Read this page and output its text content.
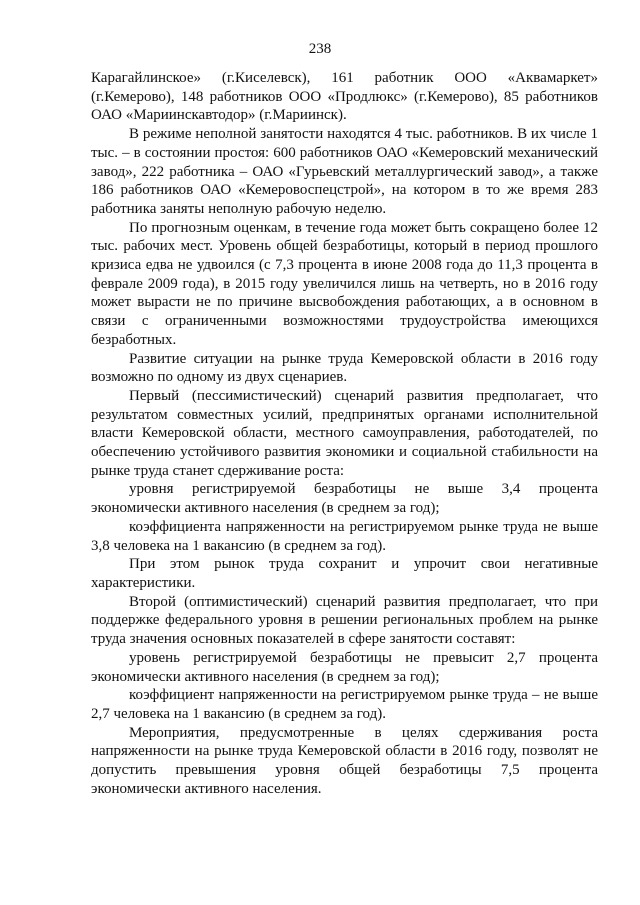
238

Карагайлинское» (г.Киселевск), 161 работник ООО «Аквамаркет» (г.Кемерово), 148 работников ООО «Продлюкс» (г.Кемерово), 85 работников ОАО «Мариинскавтодор» (г.Мариинск).

В режиме неполной занятости находятся 4 тыс. работников. В их числе 1 тыс. – в состоянии простоя: 600 работников ОАО «Кемеровский механический завод», 222 работника – ОАО «Гурьевский металлургический завод», а также 186 работников ОАО «Кемеровоспецстрой», на котором в то же время 283 работника заняты неполную рабочую неделю.

По прогнозным оценкам, в течение года может быть сокращено более 12 тыс. рабочих мест. Уровень общей безработицы, который в период прошлого кризиса едва не удвоился (с 7,3 процента в июне 2008 года до 11,3 процента в феврале 2009 года), в 2015 году увеличился лишь на четверть, но в 2016 году может вырасти не по причине высвобождения работающих, а в основном в связи с ограниченными возможностями трудоустройства имеющихся безработных.

Развитие ситуации на рынке труда Кемеровской области в 2016 году возможно по одному из двух сценариев.

Первый (пессимистический) сценарий развития предполагает, что результатом совместных усилий, предпринятых органами исполнительной власти Кемеровской области, местного самоуправления, работодателей, по обеспечению устойчивого развития экономики и социальной стабильности на рынке труда станет сдерживание роста:

уровня регистрируемой безработицы не выше 3,4 процента экономически активного населения (в среднем за год);

коэффициента напряженности на регистрируемом рынке труда не выше 3,8 человека на 1 вакансию (в среднем за год).

При этом рынок труда сохранит и упрочит свои негативные характеристики.

Второй (оптимистический) сценарий развития предполагает, что при поддержке федерального уровня в решении региональных проблем на рынке труда значения основных показателей в сфере занятости составят:

уровень регистрируемой безработицы не превысит 2,7 процента экономически активного населения (в среднем за год);

коэффициент напряженности на регистрируемом рынке труда – не выше 2,7 человека на 1 вакансию (в среднем за год).

Мероприятия, предусмотренные в целях сдерживания роста напряженности на рынке труда Кемеровской области в 2016 году, позволят не допустить превышения уровня общей безработицы 7,5 процента экономически активного населения.
